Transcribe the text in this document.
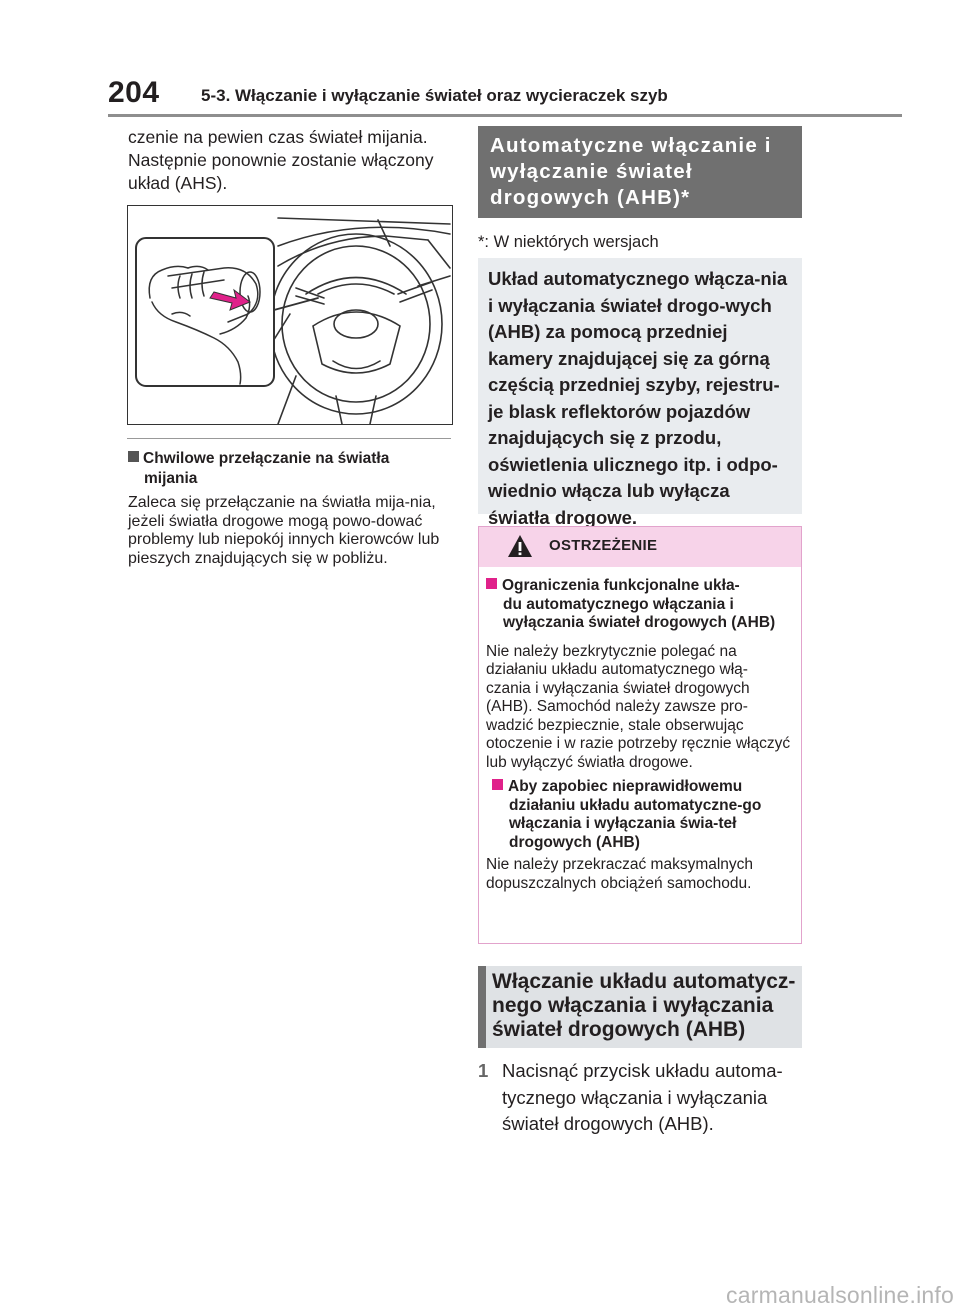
204 5-3. Włączanie i wyłączanie świateł oraz wycieraczek szyb
czenie na pewien czas świateł mijania. Następnie ponownie zostanie włączony układ (AHS).
Chwilowe przełączanie na światła
mijania
Zaleca się przełączanie na światła mija-nia, jeżeli światła drogowe mogą powo-dować problemy lub niepokój innych kierowców lub pieszych znajdujących się w pobliżu.
Automatyczne włączanie i wyłączanie świateł drogowych (AHB)*
*: W niektórych wersjach
Układ automatycznego włącza-nia i wyłączania świateł drogo-wych (AHB) za pomocą przedniej kamery znajdującej się za górną częścią przedniej szyby, rejestru-je blask reflektorów pojazdów znajdujących się z przodu, oświetlenia ulicznego itp. i odpo-wiednio włącza lub wyłącza światła drogowe.
OSTRZEŻENIE
Ograniczenia funkcjonalne ukła-
du automatycznego włączania i wyłączania świateł drogowych (AHB)
Nie należy bezkrytycznie polegać na działaniu układu automatycznego włą-czania i wyłączania świateł drogowych (AHB). Samochód należy zawsze pro-wadzić bezpiecznie, stale obserwując otoczenie i w razie potrzeby ręcznie włączyć lub wyłączyć światła drogowe.
Aby zapobiec nieprawidłowemu
działaniu układu automatyczne-go włączania i wyłączania świa-teł drogowych (AHB)
Nie należy przekraczać maksymalnych dopuszczalnych obciążeń samochodu.
Włączanie układu automatycz-nego włączania i wyłączania świateł drogowych (AHB)
1 Nacisnąć przycisk układu automa-tycznego włączania i wyłączania świateł drogowych (AHB).
carmanualsonline.info
